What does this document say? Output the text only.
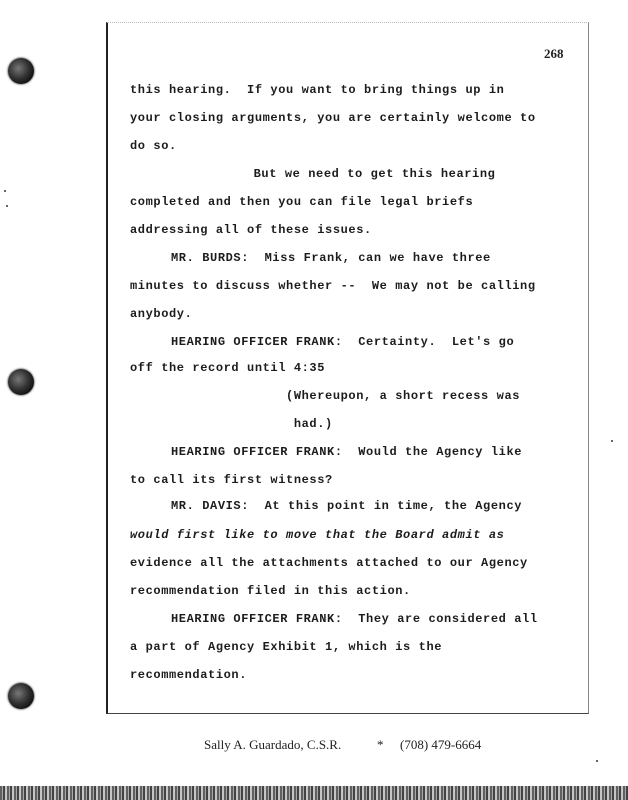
268
this hearing.  If you want to bring things up in
your closing arguments, you are certainly welcome to
do so.
But we need to get this hearing
completed and then you can file legal briefs
addressing all of these issues.
MR. BURDS:  Miss Frank, can we have three
minutes to discuss whether --  We may not be calling
anybody.
HEARING OFFICER FRANK:  Certainty.  Let's go
off the record until 4:35
(Whereupon, a short recess was
had.)
HEARING OFFICER FRANK:  Would the Agency like
to call its first witness?
MR. DAVIS:  At this point in time, the Agency
would first like to move that the Board admit as
evidence all the attachments attached to our Agency
recommendation filed in this action.
HEARING OFFICER FRANK:  They are considered all
a part of Agency Exhibit 1, which is the
recommendation.
Sally A. Guardado, C.S.R.	* (708) 479-6664
